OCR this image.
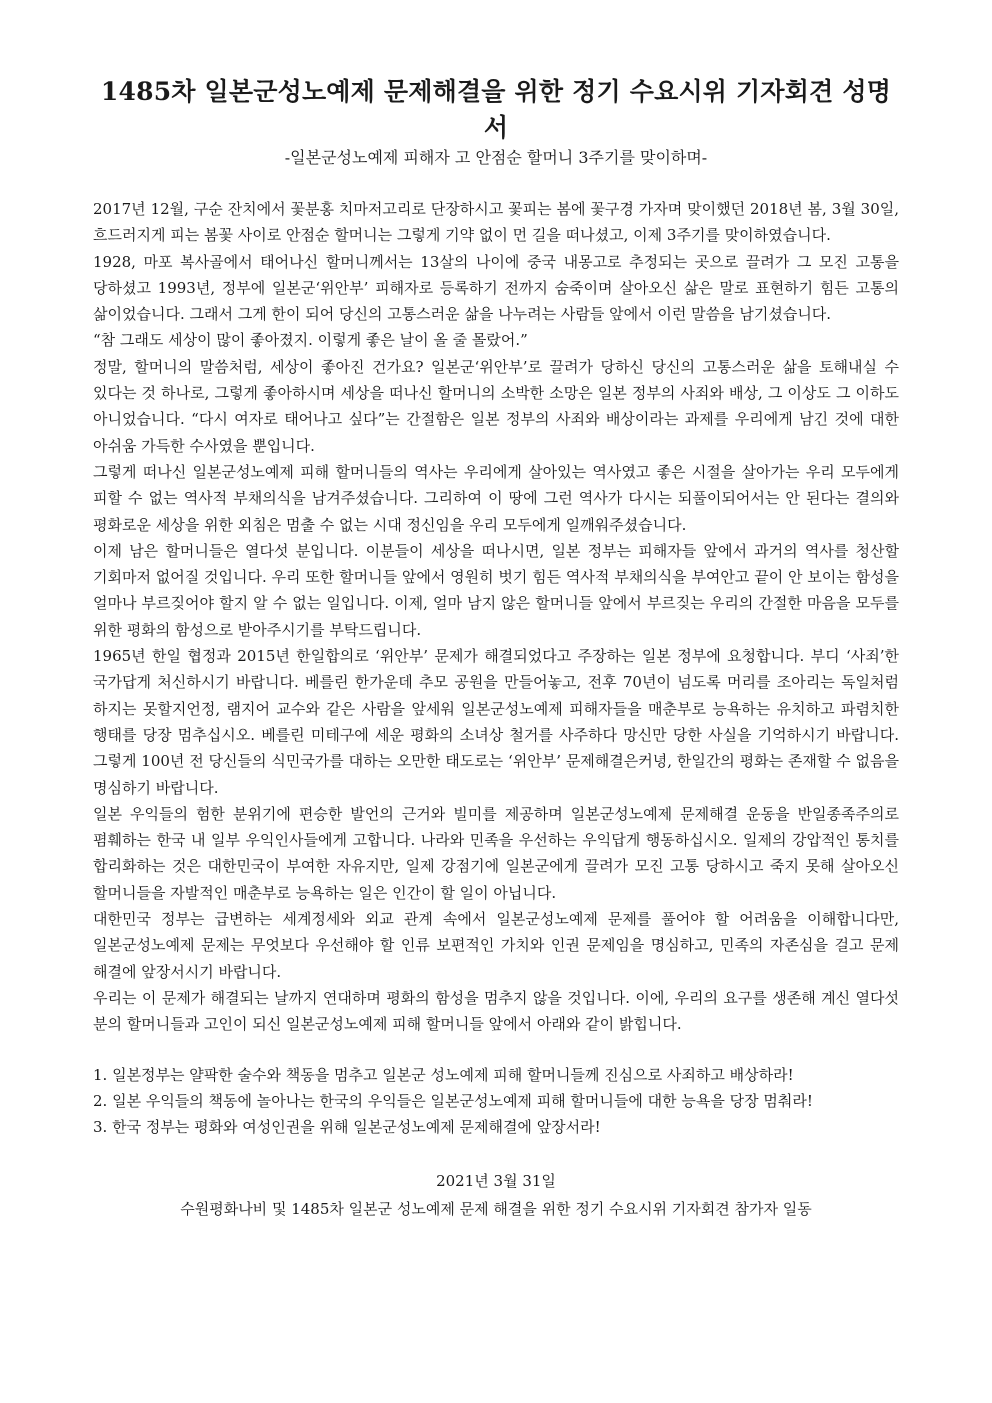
1485차 일본군성노예제 문제해결을 위한 정기 수요시위 기자회견 성명서

-일본군성노예제 피해자 고 안점순 할머니 3주기를 맞이하며-

2017년 12월, 구순 잔치에서 꽃분홍 치마저고리로 단장하시고 꽃피는 봄에 꽃구경 가자며 맞이했던 2018년 봄, 3월 30일, 흐드러지게 피는 봄꽃 사이로 안점순 할머니는 그렇게 기약 없이 먼 길을 떠나셨고, 이제 3주기를 맞이하였습니다.

1928, 마포 복사골에서 태어나신 할머니께서는 13살의 나이에 중국 내몽고로 추정되는 곳으로 끌려가 그 모진 고통을 당하셨고 1993년, 정부에 일본군‘위안부’ 피해자로 등록하기 전까지 숨죽이며 살아오신 삶은 말로 표현하기 힘든 고통의 삶이었습니다. 그래서 그게 한이 되어 당신의 고통스러운 삶을 나누려는 사람들 앞에서 이런 말씀을 남기셨습니다.

“참 그래도 세상이 많이 좋아졌지. 이렇게 좋은 날이 올 줄 몰랐어.”

정말, 할머니의 말씀처럼, 세상이 좋아진 건가요? 일본군‘위안부’로 끌려가 당하신 당신의 고통스러운 삶을 토해내실 수 있다는 것 하나로, 그렇게 좋아하시며 세상을 떠나신 할머니의 소박한 소망은 일본 정부의 사죄와 배상, 그 이상도 그 이하도 아니었습니다. “다시 여자로 태어나고 싶다”는 간절함은 일본 정부의 사죄와 배상이라는 과제를 우리에게 남긴 것에 대한 아쉬움 가득한 수사였을 뿐입니다.

그렇게 떠나신 일본군성노예제 피해 할머니들의 역사는 우리에게 살아있는 역사였고 좋은 시절을 살아가는 우리 모두에게 피할 수 없는 역사적 부채의식을 남겨주셨습니다. 그리하여 이 땅에 그런 역사가 다시는 되풀이되어서는 안 된다는 결의와 평화로운 세상을 위한 외침은 멈출 수 없는 시대 정신임을 우리 모두에게 일깨워주셨습니다.

이제 남은 할머니들은 열다섯 분입니다. 이분들이 세상을 떠나시면, 일본 정부는 피해자들 앞에서 과거의 역사를 청산할 기회마저 없어질 것입니다. 우리 또한 할머니들 앞에서 영원히 벗기 힘든 역사적 부채의식을 부여안고 끝이 안 보이는 함성을 얼마나 부르짖어야 할지 알 수 없는 일입니다. 이제, 얼마 남지 않은 할머니들 앞에서 부르짖는 우리의 간절한 마음을 모두를 위한 평화의 함성으로 받아주시기를 부탁드립니다.

1965년 한일 협정과 2015년 한일합의로 ‘위안부’ 문제가 해결되었다고 주장하는 일본 정부에 요청합니다. 부디 ‘사죄’한 국가답게 처신하시기 바랍니다. 베를린 한가운데 추모 공원을 만들어놓고, 전후 70년이 넘도록 머리를 조아리는 독일처럼 하지는 못할지언정, 램지어 교수와 같은 사람을 앞세워 일본군성노예제 피해자들을 매춘부로 능욕하는 유치하고 파렴치한 행태를 당장 멈추십시오. 베를린 미테구에 세운 평화의 소녀상 철거를 사주하다 망신만 당한 사실을 기억하시기 바랍니다. 그렇게 100년 전 당신들의 식민국가를 대하는 오만한 태도로는 ‘위안부’ 문제해결은커녕, 한일간의 평화는 존재할 수 없음을 명심하기 바랍니다.

일본 우익들의 험한 분위기에 편승한 발언의 근거와 빌미를 제공하며 일본군성노예제 문제해결 운동을 반일종족주의로 폄훼하는 한국 내 일부 우익인사들에게 고합니다. 나라와 민족을 우선하는 우익답게 행동하십시오. 일제의 강압적인 통치를 합리화하는 것은 대한민국이 부여한 자유지만, 일제 강점기에 일본군에게 끌려가 모진 고통 당하시고 죽지 못해 살아오신 할머니들을 자발적인 매춘부로 능욕하는 일은 인간이 할 일이 아닙니다.

대한민국 정부는 급변하는 세계정세와 외교 관계 속에서 일본군성노예제 문제를 풀어야 할 어려움을 이해합니다만, 일본군성노예제 문제는 무엇보다 우선해야 할 인류 보편적인 가치와 인권 문제임을 명심하고, 민족의 자존심을 걸고 문제 해결에 앞장서시기 바랍니다.

우리는 이 문제가 해결되는 날까지 연대하며 평화의 함성을 멈추지 않을 것입니다. 이에, 우리의 요구를 생존해 계신 열다섯 분의 할머니들과 고인이 되신 일본군성노예제 피해 할머니들 앞에서 아래와 같이 밝힙니다.

1. 일본정부는 얄팍한 술수와 책동을 멈추고 일본군 성노예제 피해 할머니들께 진심으로 사죄하고 배상하라!
2. 일본 우익들의 책동에 놀아나는 한국의 우익들은 일본군성노예제 피해 할머니들에 대한 능욕을 당장 멈춰라!
3. 한국 정부는 평화와 여성인권을 위해 일본군성노예제 문제해결에 앞장서라!

2021년 3월 31일

수원평화나비 및 1485차 일본군 성노예제 문제 해결을 위한 정기 수요시위 기자회견 참가자 일동
